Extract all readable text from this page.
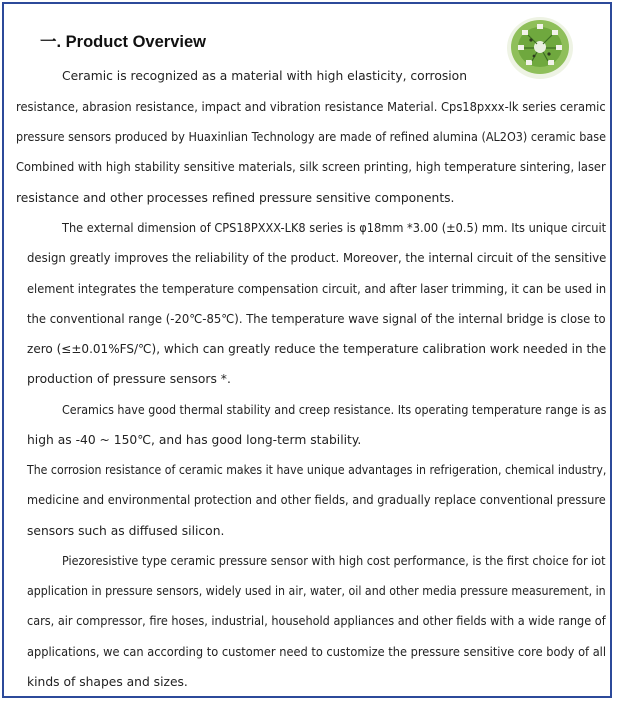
一. Product Overview
Ceramic is recognized as a material with high elasticity, corrosion
resistance, abrasion resistance, impact and vibration resistance Material. Cps18pxxx-lk series ceramic
pressure sensors produced by Huaxinlian Technology are made of refined alumina (AL2O3) ceramic base
Combined with high stability sensitive materials, silk screen printing, high temperature sintering, laser
resistance and other processes refined pressure sensitive components.
The external dimension of CPS18PXXX-LK8 series is φ18mm *3.00 (±0.5) mm. Its unique circuit
design greatly improves the reliability of the product. Moreover, the internal circuit of the sensitive
element integrates the temperature compensation circuit, and after laser trimming, it can be used in
the conventional range (-20℃-85℃). The temperature wave signal of the internal bridge is close to
zero (≤±0.01%FS/℃), which can greatly reduce the temperature calibration work needed in the
production of pressure sensors *.
Ceramics have good thermal stability and creep resistance. Its operating temperature range is as
high as -40 ~ 150℃, and has good long-term stability.
The corrosion resistance of ceramic makes it have unique advantages in refrigeration, chemical industry,
medicine and environmental protection and other fields, and gradually replace conventional pressure
sensors such as diffused silicon.
Piezoresistive type ceramic pressure sensor with high cost performance, is the first choice for iot
application in pressure sensors, widely used in air, water, oil and other media pressure measurement, in
cars, air compressor, fire hoses, industrial, household appliances and other fields with a wide range of
applications, we can according to customer need to customize the pressure sensitive core body of all
kinds of shapes and sizes.
